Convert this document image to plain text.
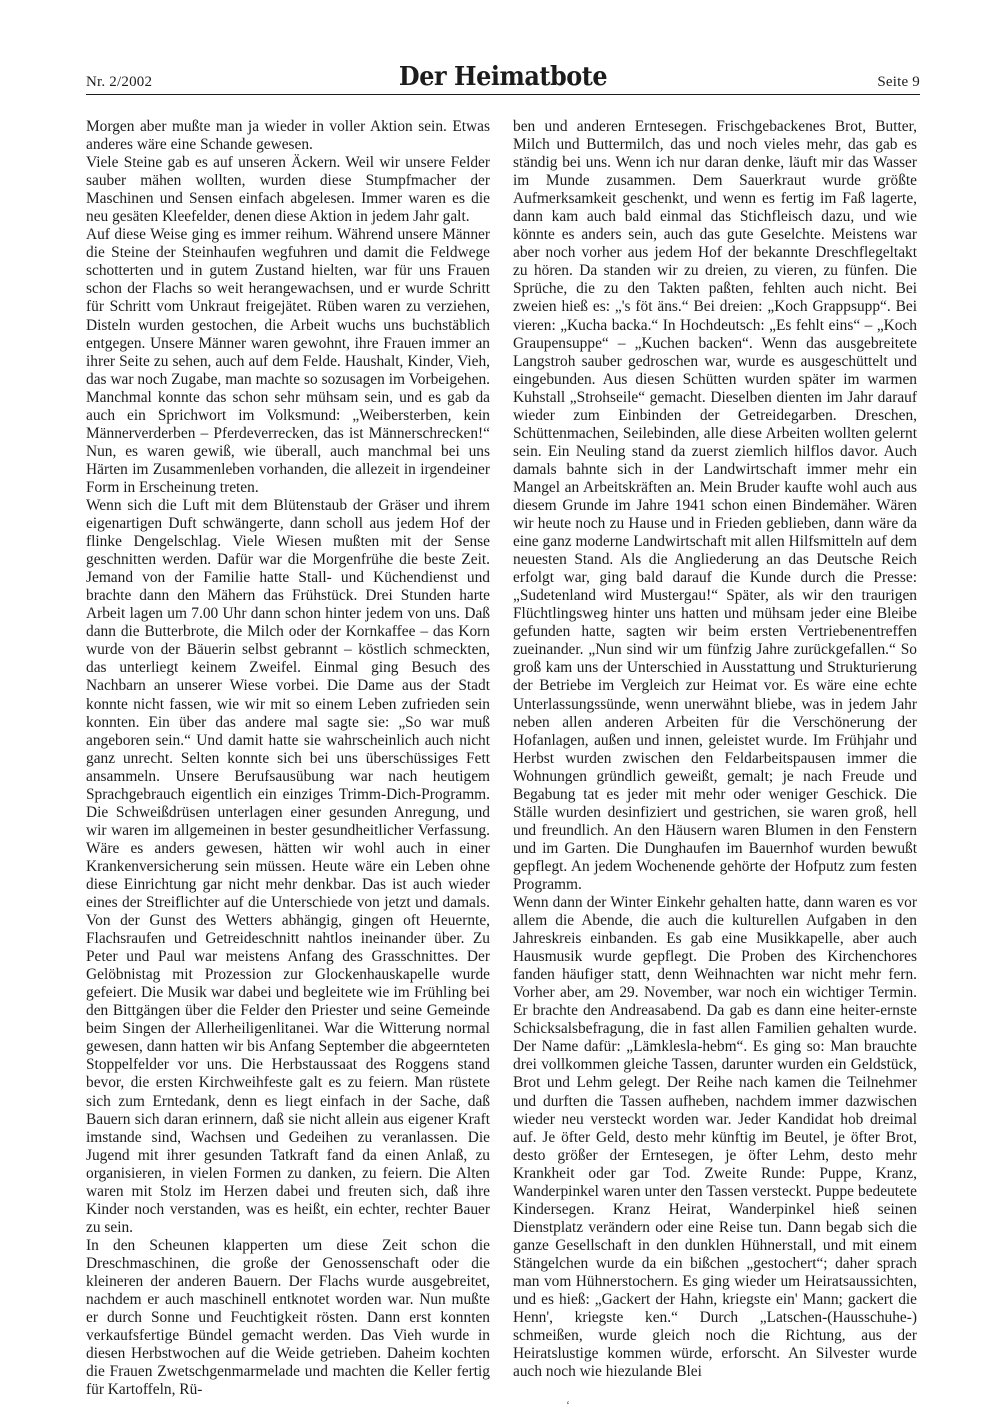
Nr. 2/2002	Der Heimatbote	Seite 9

Morgen aber mußte man ja wieder in voller Aktion sein. Etwas anderes wäre eine Schande gewesen.

Viele Steine gab es auf unseren Äckern. Weil wir unsere Felder sauber mähen wollten, wurden diese Stumpfmacher der Maschinen und Sensen einfach abgelesen. Immer waren es die neu gesäten Kleefelder, denen diese Aktion in jedem Jahr galt.

Auf diese Weise ging es immer reihum. Während unsere Männer die Steine der Steinhaufen wegfuhren und damit die Feldwege schotterten und in gutem Zustand hielten, war für uns Frauen schon der Flachs so weit herangewachsen, und er wurde Schritt für Schritt vom Unkraut freigejätet. Rüben waren zu verziehen, Disteln wurden gestochen, die Arbeit wuchs uns buchstäblich entgegen. Unsere Männer waren gewohnt, ihre Frauen immer an ihrer Seite zu sehen, auch auf dem Felde. Haushalt, Kinder, Vieh, das war noch Zugabe, man machte so sozusagen im Vorbeigehen. Manchmal konnte das schon sehr mühsam sein, und es gab da auch ein Sprichwort im Volksmund: „Weibersterben, kein Männerverderben – Pferdeverrecken, das ist Männerschrecken!“ Nun, es waren gewiß, wie überall, auch manchmal bei uns Härten im Zusammenleben vorhanden, die allezeit in irgendeiner Form in Erscheinung treten.

Wenn sich die Luft mit dem Blütenstaub der Gräser und ihrem eigenartigen Duft schwängerte, dann scholl aus jedem Hof der flinke Dengelschlag. Viele Wiesen mußten mit der Sense geschnitten werden. Dafür war die Morgenfrühe die beste Zeit. Jemand von der Familie hatte Stall- und Küchendienst und brachte dann den Mähern das Frühstück. Drei Stunden harte Arbeit lagen um 7.00 Uhr dann schon hinter jedem von uns. Daß dann die Butterbrote, die Milch oder der Kornkaffee – das Korn wurde von der Bäuerin selbst gebrannt – köstlich schmeckten, das unterliegt keinem Zweifel. Einmal ging Besuch des Nachbarn an unserer Wiese vorbei. Die Dame aus der Stadt konnte nicht fassen, wie wir mit so einem Leben zufrieden sein konnten. Ein über das andere mal sagte sie: „So war muß angeboren sein.“ Und damit hatte sie wahrscheinlich auch nicht ganz unrecht. Selten konnte sich bei uns überschüssiges Fett ansammeln. Unsere Berufsausübung war nach heutigem Sprachgebrauch eigentlich ein einziges Trimm-Dich-Programm. Die Schweißdrüsen unterlagen einer gesunden Anregung, und wir waren im allgemeinen in bester gesundheitlicher Verfassung. Wäre es anders gewesen, hätten wir wohl auch in einer Krankenversicherung sein müssen. Heute wäre ein Leben ohne diese Einrichtung gar nicht mehr denkbar. Das ist auch wieder eines der Streiflichter auf die Unterschiede von jetzt und damals. Von der Gunst des Wetters abhängig, gingen oft Heuernte, Flachsraufen und Getreideschnitt nahtlos ineinander über. Zu Peter und Paul war meistens Anfang des Grasschnittes. Der Gelöbnistag mit Prozession zur Glockenhauskapelle wurde gefeiert. Die Musik war dabei und begleitete wie im Frühling bei den Bittgängen über die Felder den Priester und seine Gemeinde beim Singen der Allerheiligenlitanei. War die Witterung normal gewesen, dann hatten wir bis Anfang September die abgeernteten Stoppelfelder vor uns. Die Herbstaussaat des Roggens stand bevor, die ersten Kirchweihfeste galt es zu feiern. Man rüstete sich zum Erntedank, denn es liegt einfach in der Sache, daß Bauern sich daran erinnern, daß sie nicht allein aus eigener Kraft imstande sind, Wachsen und Gedeihen zu veranlassen. Die Jugend mit ihrer gesunden Tatkraft fand da einen Anlaß, zu organisieren, in vielen Formen zu danken, zu feiern. Die Alten waren mit Stolz im Herzen dabei und freuten sich, daß ihre Kinder noch verstanden, was es heißt, ein echter, rechter Bauer zu sein.

In den Scheunen klapperten um diese Zeit schon die Dreschmaschinen, die große der Genossenschaft oder die kleineren der anderen Bauern. Der Flachs wurde ausgebreitet, nachdem er auch maschinell entknotet worden war. Nun mußte er durch Sonne und Feuchtigkeit rösten. Dann erst konnten verkaufsfertige Bündel gemacht werden. Das Vieh wurde in diesen Herbstwochen auf die Weide getrieben. Daheim kochten die Frauen Zwetschgenmarmelade und machten die Keller fertig für Kartoffeln, Rü-

ben und anderen Erntesegen. Frischgebackenes Brot, Butter, Milch und Buttermilch, das und noch vieles mehr, das gab es ständig bei uns. Wenn ich nur daran denke, läuft mir das Wasser im Munde zusammen. Dem Sauerkraut wurde größte Aufmerksamkeit geschenkt, und wenn es fertig im Faß lagerte, dann kam auch bald einmal das Stichfleisch dazu, und wie könnte es anders sein, auch das gute Geselchte. Meistens war aber noch vorher aus jedem Hof der bekannte Dreschflegeltakt zu hören. Da standen wir zu dreien, zu vieren, zu fünfen. Die Sprüche, die zu den Takten paßten, fehlten auch nicht. Bei zweien hieß es: „'s föt äns.“ Bei dreien: „Koch Grappsupp“. Bei vieren: „Kucha backa.“ In Hochdeutsch: „Es fehlt eins“ – „Koch Graupensuppe“ – „Kuchen backen“. Wenn das ausgebreitete Langstroh sauber gedroschen war, wurde es ausgeschüttelt und eingebunden. Aus diesen Schütten wurden später im warmen Kuhstall „Strohseile“ gemacht. Dieselben dienten im Jahr darauf wieder zum Einbinden der Getreidegarben. Dreschen, Schüttenmachen, Seilebinden, alle diese Arbeiten wollten gelernt sein. Ein Neuling stand da zuerst ziemlich hilflos davor. Auch damals bahnte sich in der Landwirtschaft immer mehr ein Mangel an Arbeitskräften an. Mein Bruder kaufte wohl auch aus diesem Grunde im Jahre 1941 schon einen Bindemäher. Wären wir heute noch zu Hause und in Frieden geblieben, dann wäre da eine ganz moderne Landwirtschaft mit allen Hilfsmitteln auf dem neuesten Stand. Als die Angliederung an das Deutsche Reich erfolgt war, ging bald darauf die Kunde durch die Presse: „Sudetenland wird Mustergau!“ Später, als wir den traurigen Flüchtlingsweg hinter uns hatten und mühsam jeder eine Bleibe gefunden hatte, sagten wir beim ersten Vertriebenentreffen zueinander. „Nun sind wir um fünfzig Jahre zurückgefallen.“ So groß kam uns der Unterschied in Ausstattung und Strukturierung der Betriebe im Vergleich zur Heimat vor. Es wäre eine echte Unterlassungssünde, wenn unerwähnt bliebe, was in jedem Jahr neben allen anderen Arbeiten für die Verschönerung der Hofanlagen, außen und innen, geleistet wurde. Im Frühjahr und Herbst wurden zwischen den Feldarbeitspausen immer die Wohnungen gründlich geweißt, gemalt; je nach Freude und Begabung tat es jeder mit mehr oder weniger Geschick. Die Ställe wurden desinfiziert und gestrichen, sie waren groß, hell und freundlich. An den Häusern waren Blumen in den Fenstern und im Garten. Die Dunghaufen im Bauernhof wurden bewußt gepflegt. An jedem Wochenende gehörte der Hofputz zum festen Programm.

Wenn dann der Winter Einkehr gehalten hatte, dann waren es vor allem die Abende, die auch die kulturellen Aufgaben in den Jahreskreis einbanden. Es gab eine Musikkapelle, aber auch Hausmusik wurde gepflegt. Die Proben des Kirchenchores fanden häufiger statt, denn Weihnachten war nicht mehr fern. Vorher aber, am 29. November, war noch ein wichtiger Termin. Er brachte den Andreasabend. Da gab es dann eine heiter-ernste Schicksalsbefragung, die in fast allen Familien gehalten wurde. Der Name dafür: „Lämklesla-hebm“. Es ging so: Man brauchte drei vollkommen gleiche Tassen, darunter wurden ein Geldstück, Brot und Lehm gelegt. Der Reihe nach kamen die Teilnehmer und durften die Tassen aufheben, nachdem immer dazwischen wieder neu versteckt worden war. Jeder Kandidat hob dreimal auf. Je öfter Geld, desto mehr künftig im Beutel, je öfter Brot, desto größer der Erntesegen, je öfter Lehm, desto mehr Krankheit oder gar Tod. Zweite Runde: Puppe, Kranz, Wanderpinkel waren unter den Tassen versteckt. Puppe bedeutete Kindersegen. Kranz Heirat, Wanderpinkel hieß seinen Dienstplatz verändern oder eine Reise tun. Dann begab sich die ganze Gesellschaft in den dunklen Hühnerstall, und mit einem Stängelchen wurde da ein bißchen „gestochert“; daher sprach man vom Hühnerstochern. Es ging wieder um Heiratsaussichten, und es hieß: „Gackert der Hahn, kriegste ein' Mann; gackert die Henn', kriegste ken.“ Durch „Latschen-(Hausschuhe-) schmeißen, wurde gleich noch die Richtung, aus der Heiratslustige kommen würde, erforscht. An Silvester wurde auch noch wie hiezulande Blei

‘
